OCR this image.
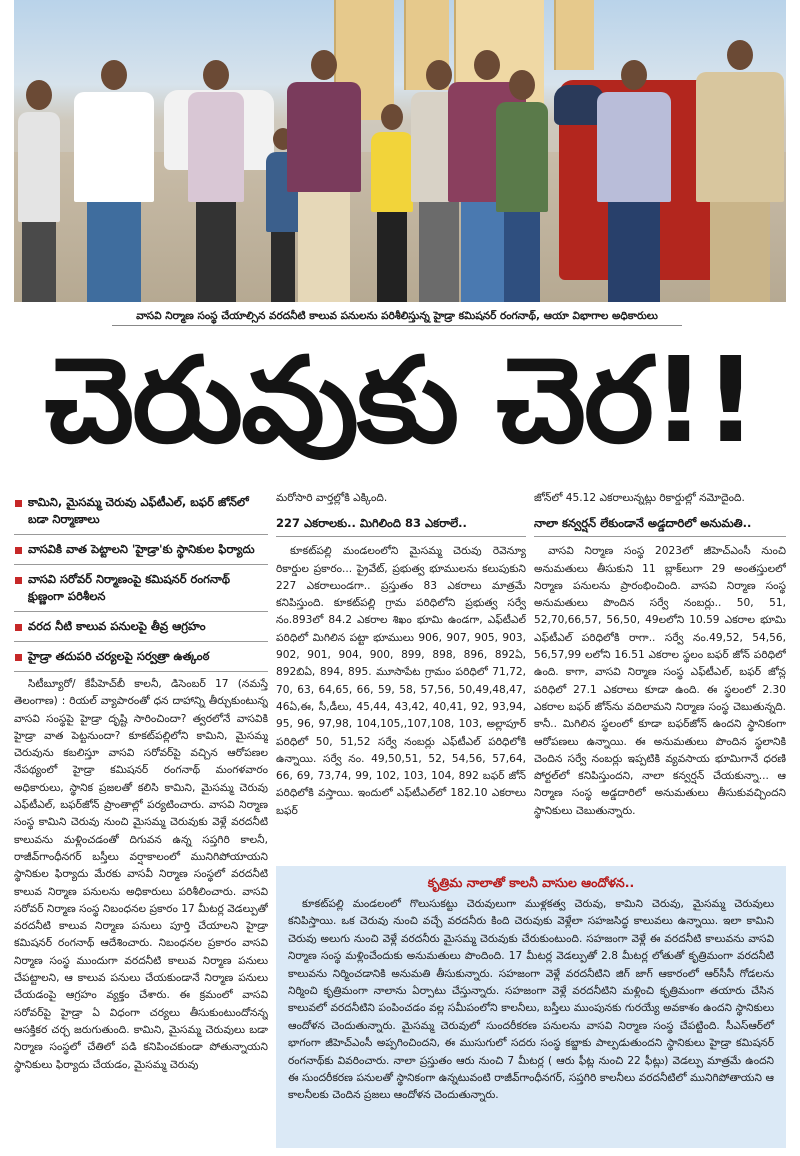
వాసవి నిర్మాణ సంస్థ చేయాల్సిన వరదనీటి కాలువ పనులను పరిశీలిస్తున్న హైడ్రా కమిషనర్ రంగనాథ్, ఆయా విభాగాల అధికారులు
చెరువుకు చెర!!
కామిని, మైసమ్మ చెరువు ఎఫ్‌టీఎల్, బఫర్ జోన్‌లో బడా నిర్మాణాలు
వాసవికి వాత పెట్టాలని 'హైడ్రా'కు స్థానికుల ఫిర్యాదు
వాసవి సరోవర్ నిర్మాణంపై కమిషనర్ రంగనాథ్ క్షుణ్ణంగా పరిశీలన
వరద నీటి కాలువ పనులపై తీవ్ర ఆగ్రహం
హైడ్రా తదుపరి చర్యలపై సర్వత్రా ఉత్కంఠ

సిటీబ్యూరో/ కేపీహెచ్‌బీ కాలనీ, డిసెంబర్ 17 (నమస్తే తెలంగాణ) : రియల్ వ్యాపారంతో ధన దాహాన్ని తీర్చుకుంటున్న వాసవి సంస్థపై హైడ్రా దృష్టి సారించిందా? త్వరలోనే వాసవికి హైడ్రా వాత పెట్టనుందా? కూకట్‌పల్లిలోని కామిని, మైసమ్మ చెరువును కబలిస్తూ వాసవి సరోవర్‌పై వచ్చిన ఆరోపణల నేపథ్యంలో హైడ్రా కమిషనర్ రంగనాథ్ మంగళవారం అధికారులు, స్థానిక ప్రజలతో కలిసి కామిని, మైసమ్మ చెరువు ఎఫ్‌టీఎల్, బఫర్‌జోన్ ప్రాంతాల్లో పర్యటించారు. వాసవి నిర్మాణ సంస్థ కామిని చెరువు నుంచి మైసమ్మ చెరువుకు వెళ్లే వరదనీటి కాలువను మళ్లించడంతో దిగువన ఉన్న సప్తగిరి కాలనీ, రాజీవ్‌గాంధీనగర్ బస్తీలు వర్షాకాలంలో మునిగిపోయాయని స్థానికుల ఫిర్యాదు మేరకు వాసవీ నిర్మాణ సంస్థలో వరదనీటి కాలువ నిర్మాణ పనులను అధికారులు పరిశీలించారు. వాసవి సరోవర్ నిర్మాణ సంస్థ నిబంధనల ప్రకారం 17 మీటర్ల వెడల్పుతో వరదనీటి కాలువ నిర్మాణ పనులు పూర్తి చేయాలని హైడ్రా కమిషనర్ రంగనాథ్ ఆదేశించారు. నిబంధనల ప్రకారం వాసవి నిర్మాణ సంస్థ ముందుగా వరదనీటి కాలువ నిర్మాణ పనులు చేపట్టాలని, ఆ కాలువ పనులు చేయకుండానే నిర్మాణ పనులు చేయడంపై ఆగ్రహం వ్యక్తం చేశారు. ఈ క్రమంలో వాసవి సరోవర్‌పై హైడ్రా ఏ విధంగా చర్యలు తీసుకుంటుందోనన్న ఆసక్తికర చర్చ జరుగుతుంది. కామిని, మైసమ్మ చెరువులు బడా నిర్మాణ సంస్థలో చేతిలో పడి కనిపించకుండా పోతున్నాయని స్థానికులు ఫిర్యాదు చేయడం, మైసమ్మ చెరువు

మరోసారి వార్తల్లోకి ఎక్కింది.

227 ఎకరాలకు.. మిగిలింది 83 ఎకరాలే..

కూకట్‌పల్లి మండలంలోని మైసమ్మ చెరువు రెవెన్యూ రికార్డుల ప్రకారం... ప్రైవేట్, ప్రభుత్వ భూములను కలుపుకుని 227 ఎకరాలుండగా.. ప్రస్తుతం 83 ఎకరాలు మాత్రమే కనిపిస్తుంది. కూకట్‌పల్లి గ్రామ పరిధిలోని ప్రభుత్వ సర్వే నం.893లో 84.2 ఎకరాల శిఖం భూమి ఉండగా, ఎఫ్‌టీఎల్ పరిధిలో మిగిలిన పట్టా భూములు 906, 907, 905, 903, 902, 901, 904, 900, 899, 898, 896, 892ఏ, 892బిఏ, 894, 895. మూసాపేట గ్రామం పరిధిలో 71,72, 70, 63, 64,65, 66, 59, 58, 57,56, 50,49,48,47, 46ఏ,ఈ, సీ,డీలు, 45,44, 43,42, 40,41, 92, 93,94, 95, 96, 97,98, 104,105,,107,108, 103, అల్లాపూర్ పరిధిలో 50, 51,52 సర్వే నంబర్లు ఎఫ్‌టీఎల్ పరిధిలోకి ఉన్నాయి. సర్వే నం. 49,50,51, 52, 54,56, 57,64, 66, 69, 73,74, 99, 102, 103, 104, 892 బఫర్ జోన్ పరిధిలోకి వస్తాయి. ఇందులో ఎఫ్‌టీఎల్‌లో 182.10 ఎకరాలు బఫర్

జోన్‌లో 45.12 ఎకరాలున్నట్లు రికార్డుల్లో నమోదైంది.

నాలా కన్వర్షన్ లేకుండానే అడ్డదారిలో అనుమతి..

వాసవి నిర్మాణ సంస్థ 2023లో జీహెచ్ఎంసీ నుంచి అనుమతులు తీసుకుని 11 బ్లాక్‌లుగా 29 అంతస్తులలో నిర్మాణ పనులను ప్రారంభించింది. వాసవి నిర్మాణ సంస్థ అనుమతులు పొందిన సర్వే నంబర్లు.. 50, 51, 52,70,66,57, 56,50, 49లలోని 10.59 ఎకరాల భూమి ఎఫ్‌టీఎల్ పరిధిలోకి రాగా.. సర్వే నం.49,52, 54,56, 56,57,99 లలోని 16.51 ఎకరాల స్థలం బఫర్ జోన్ పరిధిలో ఉంది. కాగా, వాసవి నిర్మాణ సంస్థ ఎఫ్‌టీఎల్, బఫర్ జోన్ల పరిధిలో 27.1 ఎకరాలు కూడా ఉంది. ఈ స్థలంలో 2.30 ఎకరాల బఫర్ జోన్‌ను వదిలామని నిర్మాణ సంస్థ చెబుతున్నది. కానీ.. మిగిలిన స్థలంలో కూడా బఫర్‌జోన్ ఉందని స్థానికంగా ఆరోపణలు ఉన్నాయి. ఈ అనుమతులు పొందిన స్థలానికి చెందిన సర్వే నంబర్లు ఇప్పటికి వ్యవసాయ భూమిగానే ధరణి పోర్టల్‌లో కనిపిస్తుందని, నాలా కన్వర్షన్ చేయకున్నా... ఆ నిర్మాణ సంస్థ అడ్డదారిలో అనుమతులు తీసుకువచ్చిందని స్థానికులు చెబుతున్నారు.

కృత్రిమ నాలాతో కాలనీ వాసుల ఆందోళన..

కూకట్‌పల్లి మండలంలో గొలుసుకట్టు చెరువులుగా ముళ్లకత్వ చెరువు, కామిని చెరువు, మైసమ్మ చెరువులు కనిపిస్తాయి. ఒక చెరువు నుంచి వచ్చే వరదనీరు కింది చెరువుకు వెళ్లేలా సహజసిద్ధ కాలువలు ఉన్నాయి. ఇలా కామిని చెరువు అలుగు నుంచి వెళ్లే వరదనీరు మైసమ్మ చెరువుకు చేరుకుంటుంది. సహజంగా వెళ్లే ఈ వరదనీటి కాలువను వాసవి నిర్మాణ సంస్థ మళ్లించేందుకు అనుమతులు పొందింది. 17 మీటర్ల వెడల్పుతో 2.8 మీటర్ల లోతుతో కృత్రిమంగా వరదనీటి కాలువను నిర్మించడానికి అనుమతి తీసుకున్నారు. సహజంగా వెళ్లే వరదనీటిని జిగ్ జాగ్ ఆకారంలో ఆర్‌సీసీ గోడలను నిర్మించి కృత్రిమంగా నాలాను ఏర్పాటు చేస్తున్నారు. సహజంగా వెళ్లే వరదనీటిని మళ్లించి కృత్రిమంగా తయారు చేసిన కాలువలో వరదనీటిని పంపించడం వల్ల సమీపంలోని కాలనీలు, బస్తీలు ముంపునకు గురయ్యే అవకాశం ఉందని స్థానికులు ఆందోళన చెందుతున్నారు. మైసమ్మ చెరువులో సుందరీకరణ పనులను వాసవి నిర్మాణ సంస్థ చేపట్టింది. సీఎస్ఆర్‌లో భాగంగా జీహెచ్ఎంసీ అప్పగించిందని, ఈ ముసుగులో సదరు సంస్థ కబ్జాకు పాల్పడుతుందని స్థానికులు హైడ్రా కమిషనర్ రంగనాథ్‌కు వివరించారు. నాలా ప్రస్తుతం ఆరు నుంచి 7 మీటర్ల ( ఆరు ఫీట్ల నుంచి 22 ఫీట్లు) వెడల్పు మాత్రమే ఉందని ఈ సుందరీకరణ పనులతో స్థానికంగా ఉన్నటువంటి రాజీవ్‌గాంధీనగర్, సప్తగిరి కాలనీలు వరదనీటిలో మునిగిపోతాయని ఆ కాలనీలకు చెందిన ప్రజలు ఆందోళన చెందుతున్నారు.
